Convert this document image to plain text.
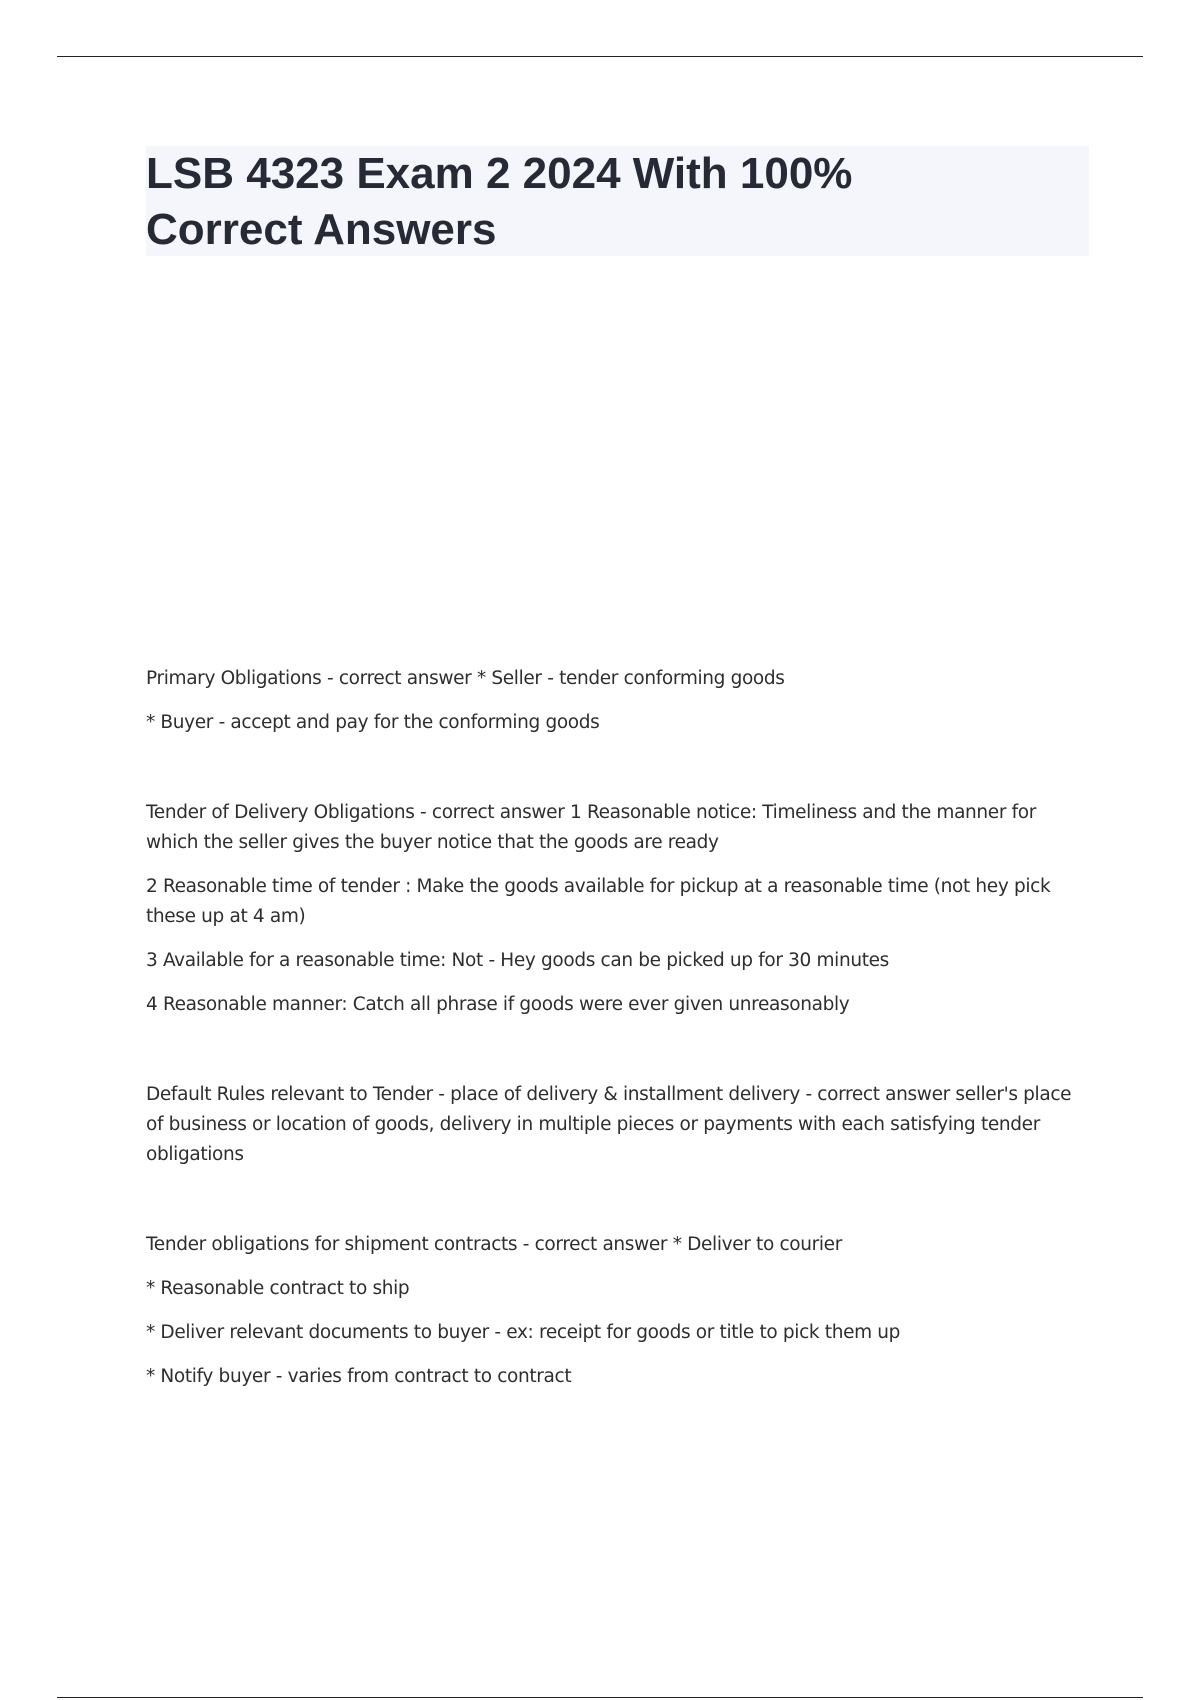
LSB 4323 Exam 2 2024 With 100% Correct Answers

Primary Obligations - correct answer * Seller - tender conforming goods

* Buyer - accept and pay for the conforming goods

Tender of Delivery Obligations - correct answer 1 Reasonable notice: Timeliness and the manner for which the seller gives the buyer notice that the goods are ready

2 Reasonable time of tender : Make the goods available for pickup at a reasonable time (not hey pick these up at 4 am)

3 Available for a reasonable time: Not - Hey goods can be picked up for 30 minutes

4 Reasonable manner: Catch all phrase if goods were ever given unreasonably

Default Rules relevant to Tender - place of delivery & installment delivery - correct answer seller's place of business or location of goods, delivery in multiple pieces or payments with each satisfying tender obligations

Tender obligations for shipment contracts - correct answer * Deliver to courier

* Reasonable contract to ship

* Deliver relevant documents to buyer - ex: receipt for goods or title to pick them up

* Notify buyer - varies from contract to contract
